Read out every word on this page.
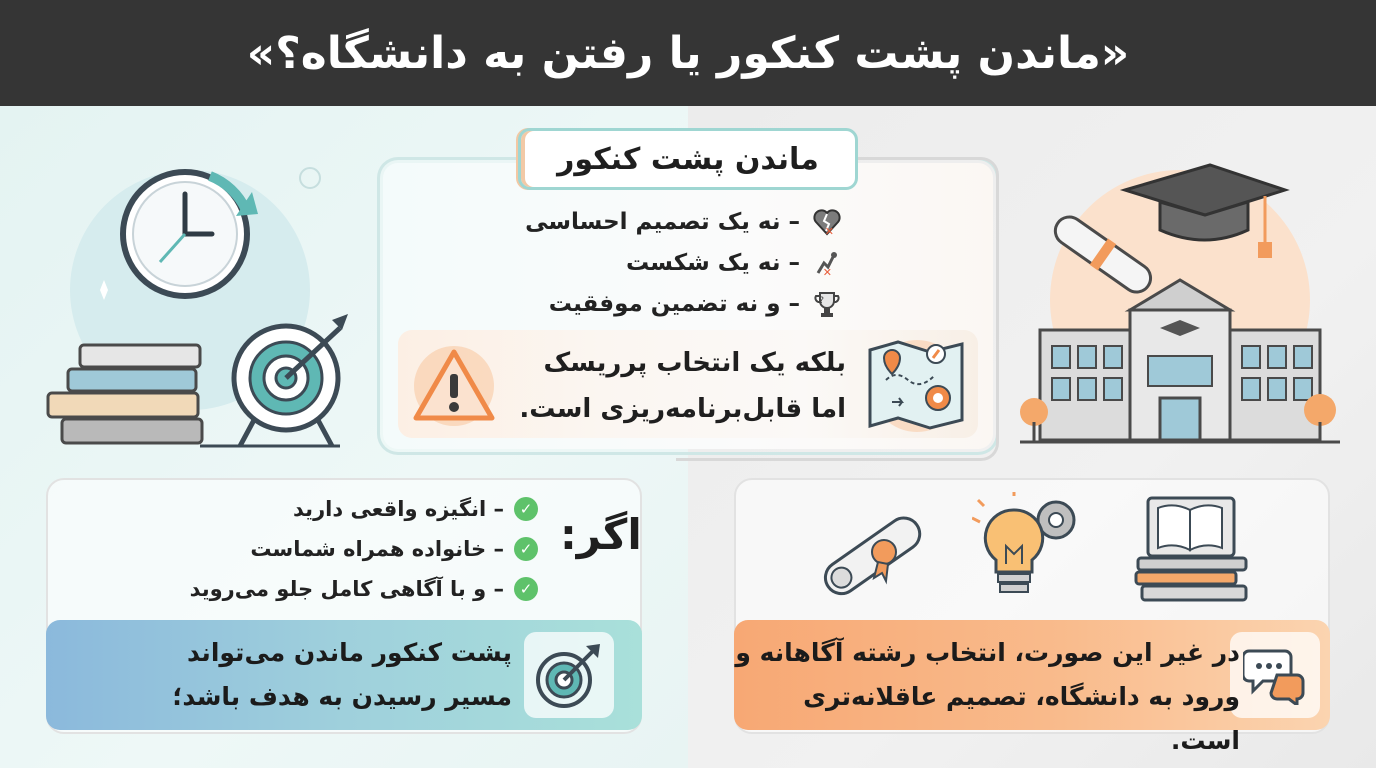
«ماندن پشت کنکور یا رفتن به دانشگاه؟»
ماندن پشت کنکور
✕
– نه یک تصمیم احساسی
✕
– نه یک شکست
?
– و نه تضمین موفقیت
بلکه یک انتخاب پرریسک
اما قابل‌برنامه‌ریزی است.
اگر:
✓
– انگیزه واقعی دارید
✓
– خانواده همراه شماست
✓
– و با آگاهی کامل جلو می‌روید
پشت کنکور ماندن می‌تواند
مسیر رسیدن به هدف باشد؛
در غیر این صورت، انتخاب رشته آگاهانه و
ورود به دانشگاه، تصمیم عاقلانه‌تری است.
